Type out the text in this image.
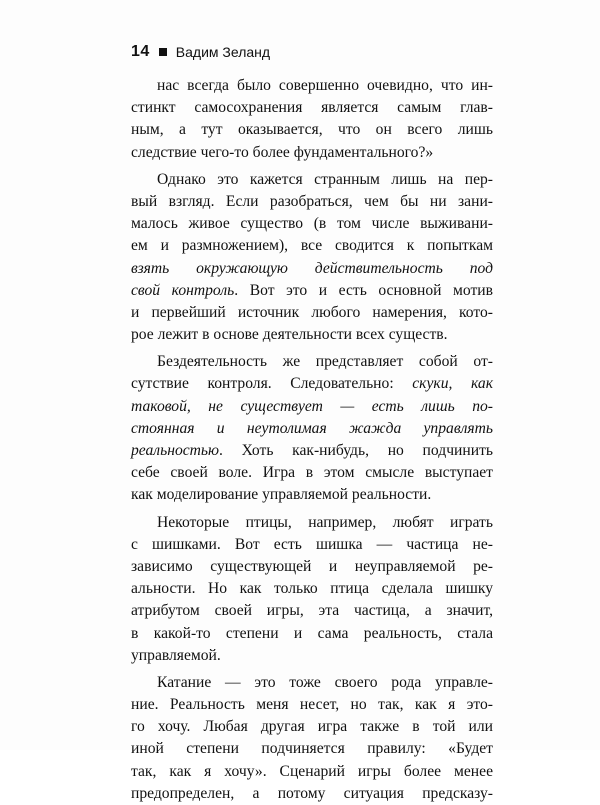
14 Вадим Зеланд
нас всегда было совершенно очевидно, что ин-
стинкт самосохранения является самым глав-
ным, а тут оказывается, что он всего лишь
следствие чего-то более фундаментального?»
Однако это кажется странным лишь на пер-
вый взгляд. Если разобраться, чем бы ни зани-
малось живое существо (в том числе выживани-
ем и размножением), все сводится к попыткам
взять окружающую действительность под
свой контроль. Вот это и есть основной мотив
и первейший источник любого намерения, кото-
рое лежит в основе деятельности всех существ.
Бездеятельность же представляет собой от-
сутствие контроля. Следовательно: скуки, как
таковой, не существует — есть лишь по-
стоянная и неутолимая жажда управлять
реальностью. Хоть как-нибудь, но подчинить
себе своей воле. Игра в этом смысле выступает
как моделирование управляемой реальности.
Некоторые птицы, например, любят играть
с шишками. Вот есть шишка — частица не-
зависимо существующей и неуправляемой ре-
альности. Но как только птица сделала шишку
атрибутом своей игры, эта частица, а значит,
в какой-то степени и сама реальность, стала
управляемой.
Катание — это тоже своего рода управле-
ние. Реальность меня несет, но так, как я это-
го хочу. Любая другая игра также в той или
иной степени подчиняется правилу: «Будет
так, как я хочу». Сценарий игры более менее
предопределен, а потому ситуация предсказу-
